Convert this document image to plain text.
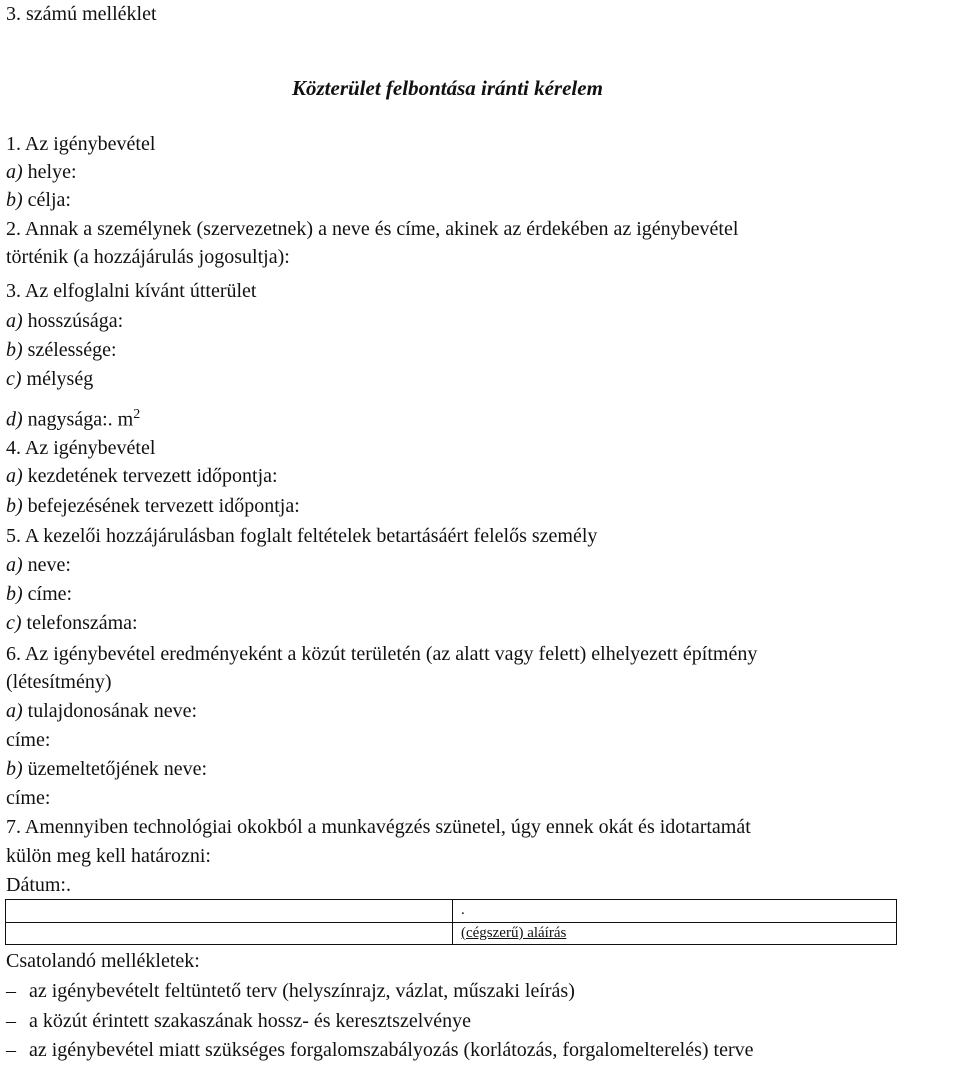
3. számú melléklet
Közterület felbontása iránti kérelem
1. Az igénybevétel
a) helye:
b) célja:
2. Annak a személynek (szervezetnek) a neve és címe, akinek az érdekében az igénybevétel
történik (a hozzájárulás jogosultja):
3. Az elfoglalni kívánt útterület
a) hosszúsága:
b) szélessége:
c) mélység
d) nagysága:. $m^2$
4. Az igénybevétel
a) kezdetének tervezett időpontja:
b) befejezésének tervezett időpontja:
5. A kezelői hozzájárulásban foglalt feltételek betartásáért felelős személy
a) neve:
b) címe:
c) telefonszáma:
6. Az igénybevétel eredményeként a közút területén (az alatt vagy felett) elhelyezett építmény
(létesítmény)
a) tulajdonosának neve:
címe:
b) üzemeltetőjének neve:
címe:
7. Amennyiben technológiai okokból a munkavégzés szünetel, úgy ennek okát és idotartamát
külön meg kell határozni:
Dátum:.
	.
	(cégszerű) aláírás
Csatolandó mellékletek:
– az igénybevételt feltüntető terv (helyszínrajz, vázlat, műszaki leírás)
– a közút érintett szakaszának hossz- és keresztszelvénye
– az igénybevétel miatt szükséges forgalomszabályozás (korlátozás, forgalomelterelés) terve
